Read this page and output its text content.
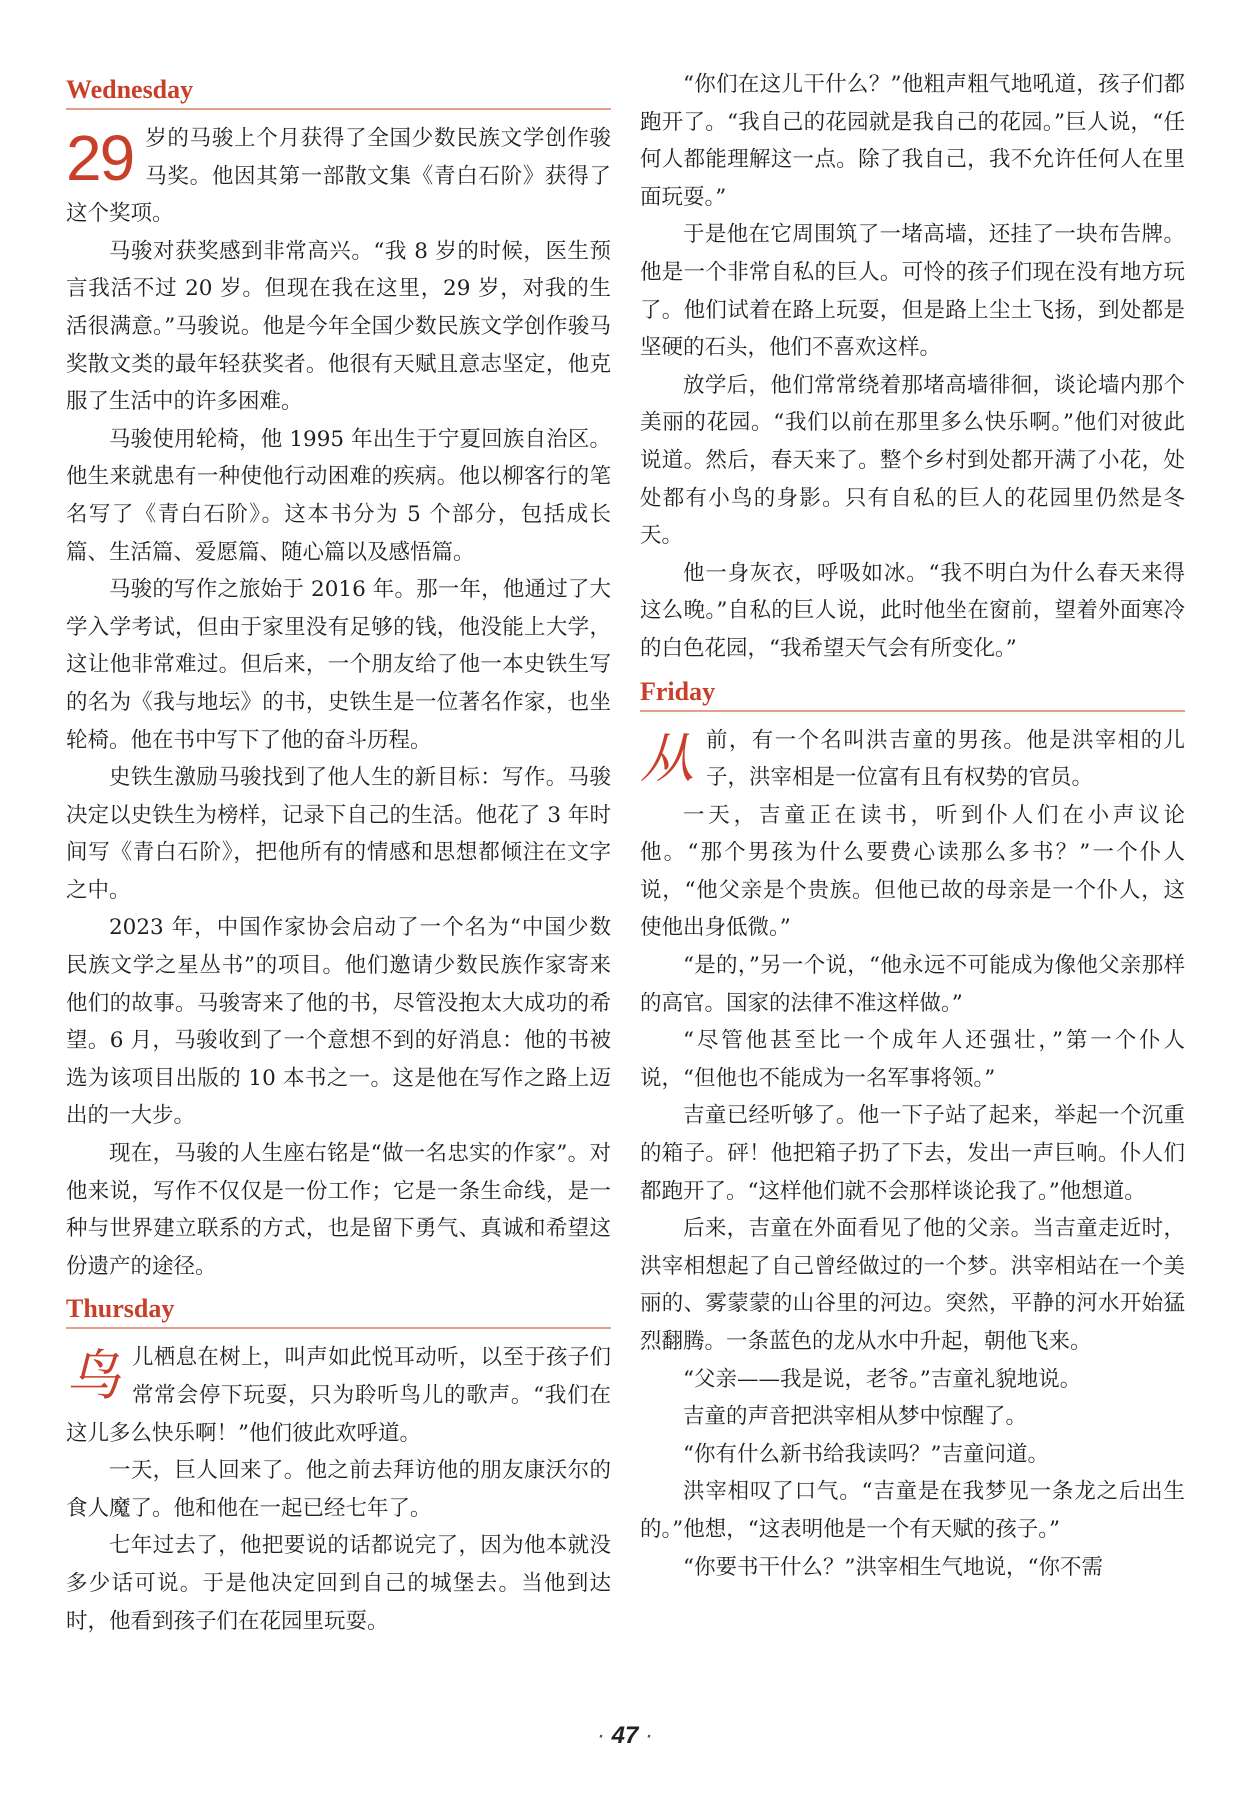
Wednesday

29 岁的马骏上个月获得了全国少数民族文学创作骏马奖。他因其第一部散文集《青白石阶》获得了这个奖项。

马骏对获奖感到非常高兴。“我 8 岁的时候，医生预言我活不过 20 岁。但现在我在这里，29 岁，对我的生活很满意。”马骏说。他是今年全国少数民族文学创作骏马奖散文类的最年轻获奖者。他很有天赋且意志坚定，他克服了生活中的许多困难。

马骏使用轮椅，他 1995 年出生于宁夏回族自治区。他生来就患有一种使他行动困难的疾病。他以柳客行的笔名写了《青白石阶》。这本书分为 5 个部分，包括成长篇、生活篇、爱愿篇、随心篇以及感悟篇。

马骏的写作之旅始于 2016 年。那一年，他通过了大学入学考试，但由于家里没有足够的钱，他没能上大学，这让他非常难过。但后来，一个朋友给了他一本史铁生写的名为《我与地坛》的书，史铁生是一位著名作家，也坐轮椅。他在书中写下了他的奋斗历程。

史铁生激励马骏找到了他人生的新目标：写作。马骏决定以史铁生为榜样，记录下自己的生活。他花了 3 年时间写《青白石阶》，把他所有的情感和思想都倾注在文字之中。

2023 年，中国作家协会启动了一个名为“中国少数民族文学之星丛书”的项目。他们邀请少数民族作家寄来他们的故事。马骏寄来了他的书，尽管没抱太大成功的希望。6 月，马骏收到了一个意想不到的好消息：他的书被选为该项目出版的 10 本书之一。这是他在写作之路上迈出的一大步。

现在，马骏的人生座右铭是“做一名忠实的作家”。对他来说，写作不仅仅是一份工作；它是一条生命线，是一种与世界建立联系的方式，也是留下勇气、真诚和希望这份遗产的途径。

Thursday

鸟儿栖息在树上，叫声如此悦耳动听，以至于孩子们常常会停下玩耍，只为聆听鸟儿的歌声。“我们在这儿多么快乐啊！”他们彼此欢呼道。

一天，巨人回来了。他之前去拜访他的朋友康沃尔的食人魔了。他和他在一起已经七年了。

七年过去了，他把要说的话都说完了，因为他本就没多少话可说。于是他决定回到自己的城堡去。当他到达时，他看到孩子们在花园里玩耍。

“你们在这儿干什么？”他粗声粗气地吼道，孩子们都跑开了。“我自己的花园就是我自己的花园。”巨人说，“任何人都能理解这一点。除了我自己，我不允许任何人在里面玩耍。”

于是他在它周围筑了一堵高墙，还挂了一块布告牌。他是一个非常自私的巨人。可怜的孩子们现在没有地方玩了。他们试着在路上玩耍，但是路上尘土飞扬，到处都是坚硬的石头，他们不喜欢这样。

放学后，他们常常绕着那堵高墙徘徊，谈论墙内那个美丽的花园。“我们以前在那里多么快乐啊。”他们对彼此说道。然后，春天来了。整个乡村到处都开满了小花，处处都有小鸟的身影。只有自私的巨人的花园里仍然是冬天。

他一身灰衣，呼吸如冰。“我不明白为什么春天来得这么晚。”自私的巨人说，此时他坐在窗前，望着外面寒冷的白色花园，“我希望天气会有所变化。”

Friday

从前，有一个名叫洪吉童的男孩。他是洪宰相的儿子，洪宰相是一位富有且有权势的官员。

一天，吉童正在读书，听到仆人们在小声议论他。“那个男孩为什么要费心读那么多书？”一个仆人说，“他父亲是个贵族。但他已故的母亲是一个仆人，这使他出身低微。”

“是的，”另一个说，“他永远不可能成为像他父亲那样的高官。国家的法律不准这样做。”

“尽管他甚至比一个成年人还强壮，”第一个仆人说，“但他也不能成为一名军事将领。”

吉童已经听够了。他一下子站了起来，举起一个沉重的箱子。砰！他把箱子扔了下去，发出一声巨响。仆人们都跑开了。“这样他们就不会那样谈论我了。”他想道。

后来，吉童在外面看见了他的父亲。当吉童走近时，洪宰相想起了自己曾经做过的一个梦。洪宰相站在一个美丽的、雾蒙蒙的山谷里的河边。突然，平静的河水开始猛烈翻腾。一条蓝色的龙从水中升起，朝他飞来。

“父亲——我是说，老爷。”吉童礼貌地说。

吉童的声音把洪宰相从梦中惊醒了。

“你有什么新书给我读吗？”吉童问道。

洪宰相叹了口气。“吉童是在我梦见一条龙之后出生的。”他想，“这表明他是一个有天赋的孩子。”

“你要书干什么？”洪宰相生气地说，“你不需

· 47 ·
